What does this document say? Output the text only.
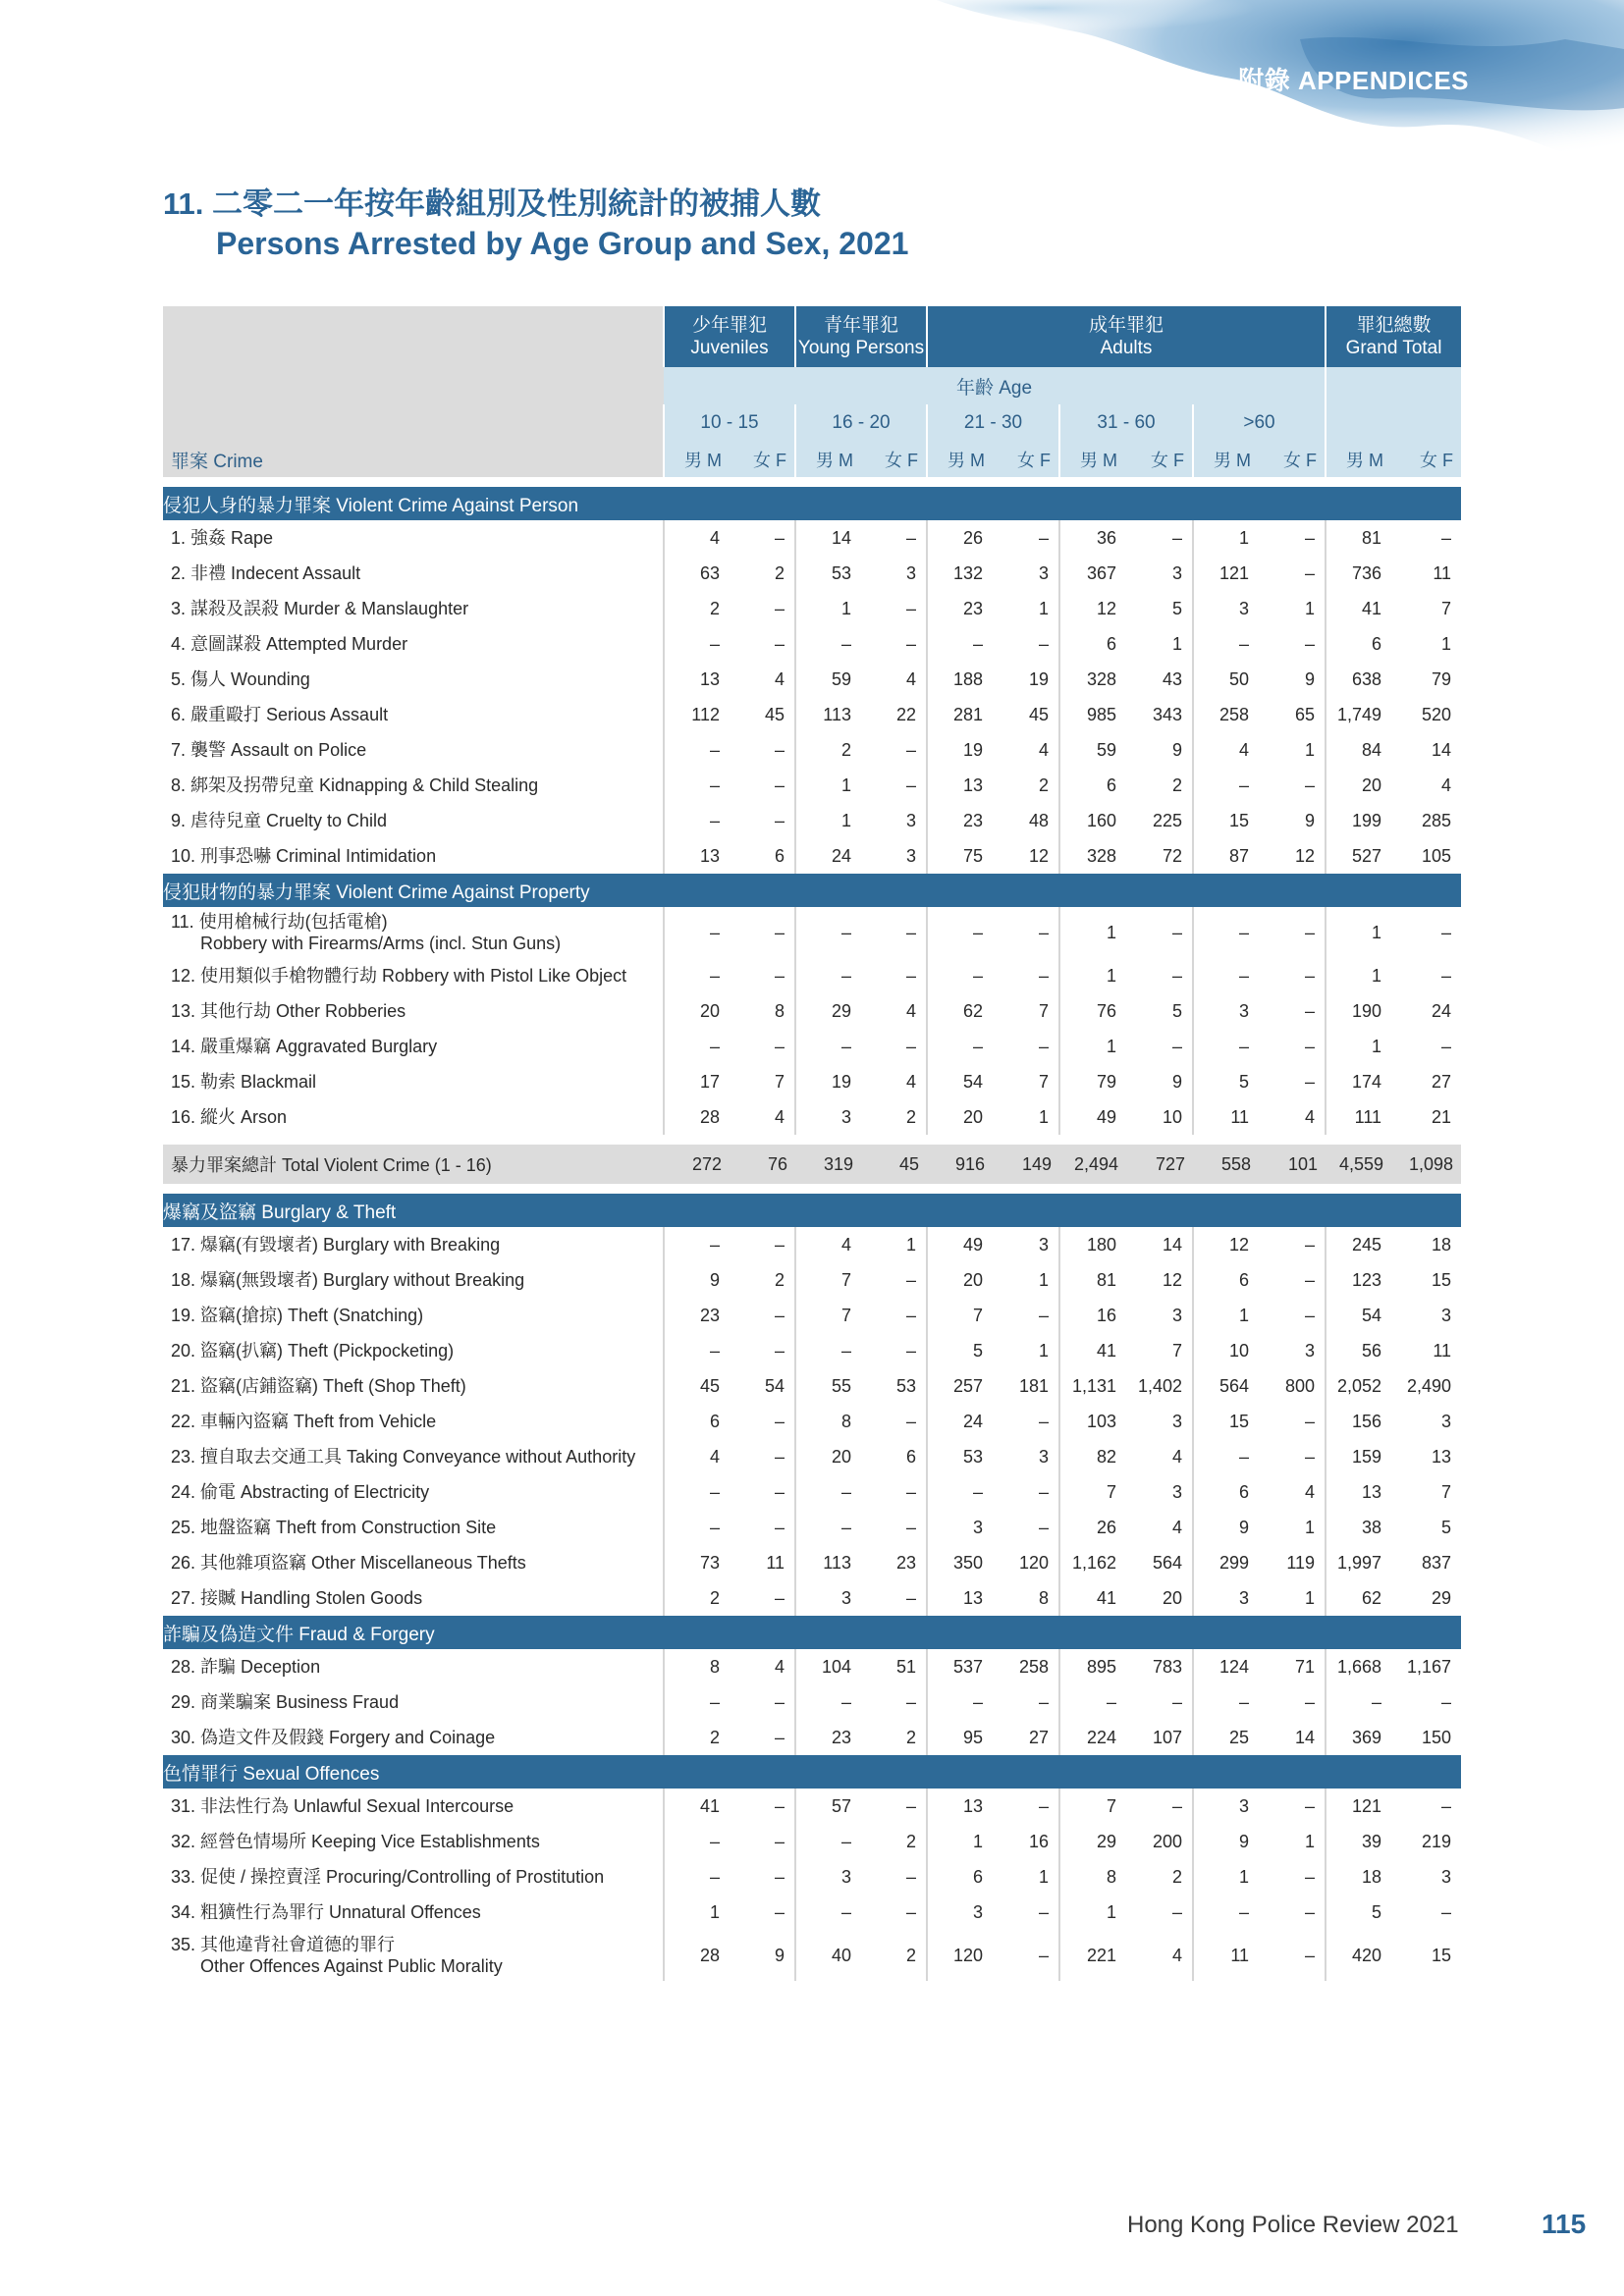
附錄 APPENDICES
11. 二零二一年按年齡組別及性別統計的被捕人數
Persons Arrested by Age Group and Sex, 2021
	少年罪犯
Juveniles		青年罪犯
Young Persons		成年罪犯
Adults						罪犯總數
Grand Total	
	年齡 Age											
	10 - 15		16 - 20		21 - 30		31 - 60		>60			
罪案 Crime	男 M	女 F	男 M	女 F	男 M	女 F	男 M	女 F	男 M	女 F	男 M	女 F

侵犯人身的暴力罪案 Violent Crime Against Person												

1. 強姦 Rape	4	–	14	–	26	–	36	–	1	–	81	–

2. 非禮 Indecent Assault	63	2	53	3	132	3	367	3	121	–	736	11

3. 謀殺及誤殺 Murder & Manslaughter	2	–	1	–	23	1	12	5	3	1	41	7

4. 意圖謀殺 Attempted Murder	–	–	–	–	–	–	6	1	–	–	6	1

5. 傷人 Wounding	13	4	59	4	188	19	328	43	50	9	638	79

6. 嚴重毆打 Serious Assault	112	45	113	22	281	45	985	343	258	65	1,749	520

7. 襲警 Assault on Police	–	–	2	–	19	4	59	9	4	1	84	14

8. 綁架及拐帶兒童 Kidnapping & Child Stealing	–	–	1	–	13	2	6	2	–	–	20	4

9. 虐待兒童 Cruelty to Child	–	–	1	3	23	48	160	225	15	9	199	285

10. 刑事恐嚇 Criminal Intimidation	13	6	24	3	75	12	328	72	87	12	527	105
侵犯財物的暴力罪案 Violent Crime Against Property												

11. 使用槍械行劫(包括電槍)
Robbery with Firearms/Arms (incl. Stun Guns)	–	–	–	–	–	–	1	–	–	–	1	–

12. 使用類似手槍物體行劫 Robbery with Pistol Like Object	–	–	–	–	–	–	1	–	–	–	1	–

13. 其他行劫 Other Robberies	20	8	29	4	62	7	76	5	3	–	190	24

14. 嚴重爆竊 Aggravated Burglary	–	–	–	–	–	–	1	–	–	–	1	–

15. 勒索 Blackmail	17	7	19	4	54	7	79	9	5	–	174	27

16. 縱火 Arson	28	4	3	2	20	1	49	10	11	4	111	21

暴力罪案總計 Total Violent Crime (1 - 16)	272	76	319	45	916	149	2,494	727	558	101	4,559	1,098

爆竊及盜竊 Burglary & Theft												

17. 爆竊(有毀壞者) Burglary with Breaking	–	–	4	1	49	3	180	14	12	–	245	18

18. 爆竊(無毀壞者) Burglary without Breaking	9	2	7	–	20	1	81	12	6	–	123	15

19. 盜竊(搶掠) Theft (Snatching)	23	–	7	–	7	–	16	3	1	–	54	3

20. 盜竊(扒竊) Theft (Pickpocketing)	–	–	–	–	5	1	41	7	10	3	56	11

21. 盜竊(店鋪盜竊) Theft (Shop Theft)	45	54	55	53	257	181	1,131	1,402	564	800	2,052	2,490

22. 車輛內盜竊 Theft from Vehicle	6	–	8	–	24	–	103	3	15	–	156	3

23. 擅自取去交通工具 Taking Conveyance without Authority	4	–	20	6	53	3	82	4	–	–	159	13

24. 偷電 Abstracting of Electricity	–	–	–	–	–	–	7	3	6	4	13	7

25. 地盤盜竊 Theft from Construction Site	–	–	–	–	3	–	26	4	9	1	38	5

26. 其他雜項盜竊 Other Miscellaneous Thefts	73	11	113	23	350	120	1,162	564	299	119	1,997	837

27. 接贓 Handling Stolen Goods	2	–	3	–	13	8	41	20	3	1	62	29
詐騙及偽造文件 Fraud & Forgery												

28. 詐騙 Deception	8	4	104	51	537	258	895	783	124	71	1,668	1,167

29. 商業騙案 Business Fraud	–	–	–	–	–	–	–	–	–	–	–	–

30. 偽造文件及假錢 Forgery and Coinage	2	–	23	2	95	27	224	107	25	14	369	150
色情罪行 Sexual Offences												

31. 非法性行為 Unlawful Sexual Intercourse	41	–	57	–	13	–	7	–	3	–	121	–

32. 經營色情場所 Keeping Vice Establishments	–	–	–	2	1	16	29	200	9	1	39	219

33. 促使 / 操控賣淫 Procuring/Controlling of Prostitution	–	–	3	–	6	1	8	2	1	–	18	3

34. 粗獷性行為罪行 Unnatural Offences	1	–	–	–	3	–	1	–	–	–	5	–

35. 其他違背社會道德的罪行
Other Offences Against Public Morality	28	9	40	2	120	–	221	4	11	–	420	15
Hong Kong Police Review 2021	115
